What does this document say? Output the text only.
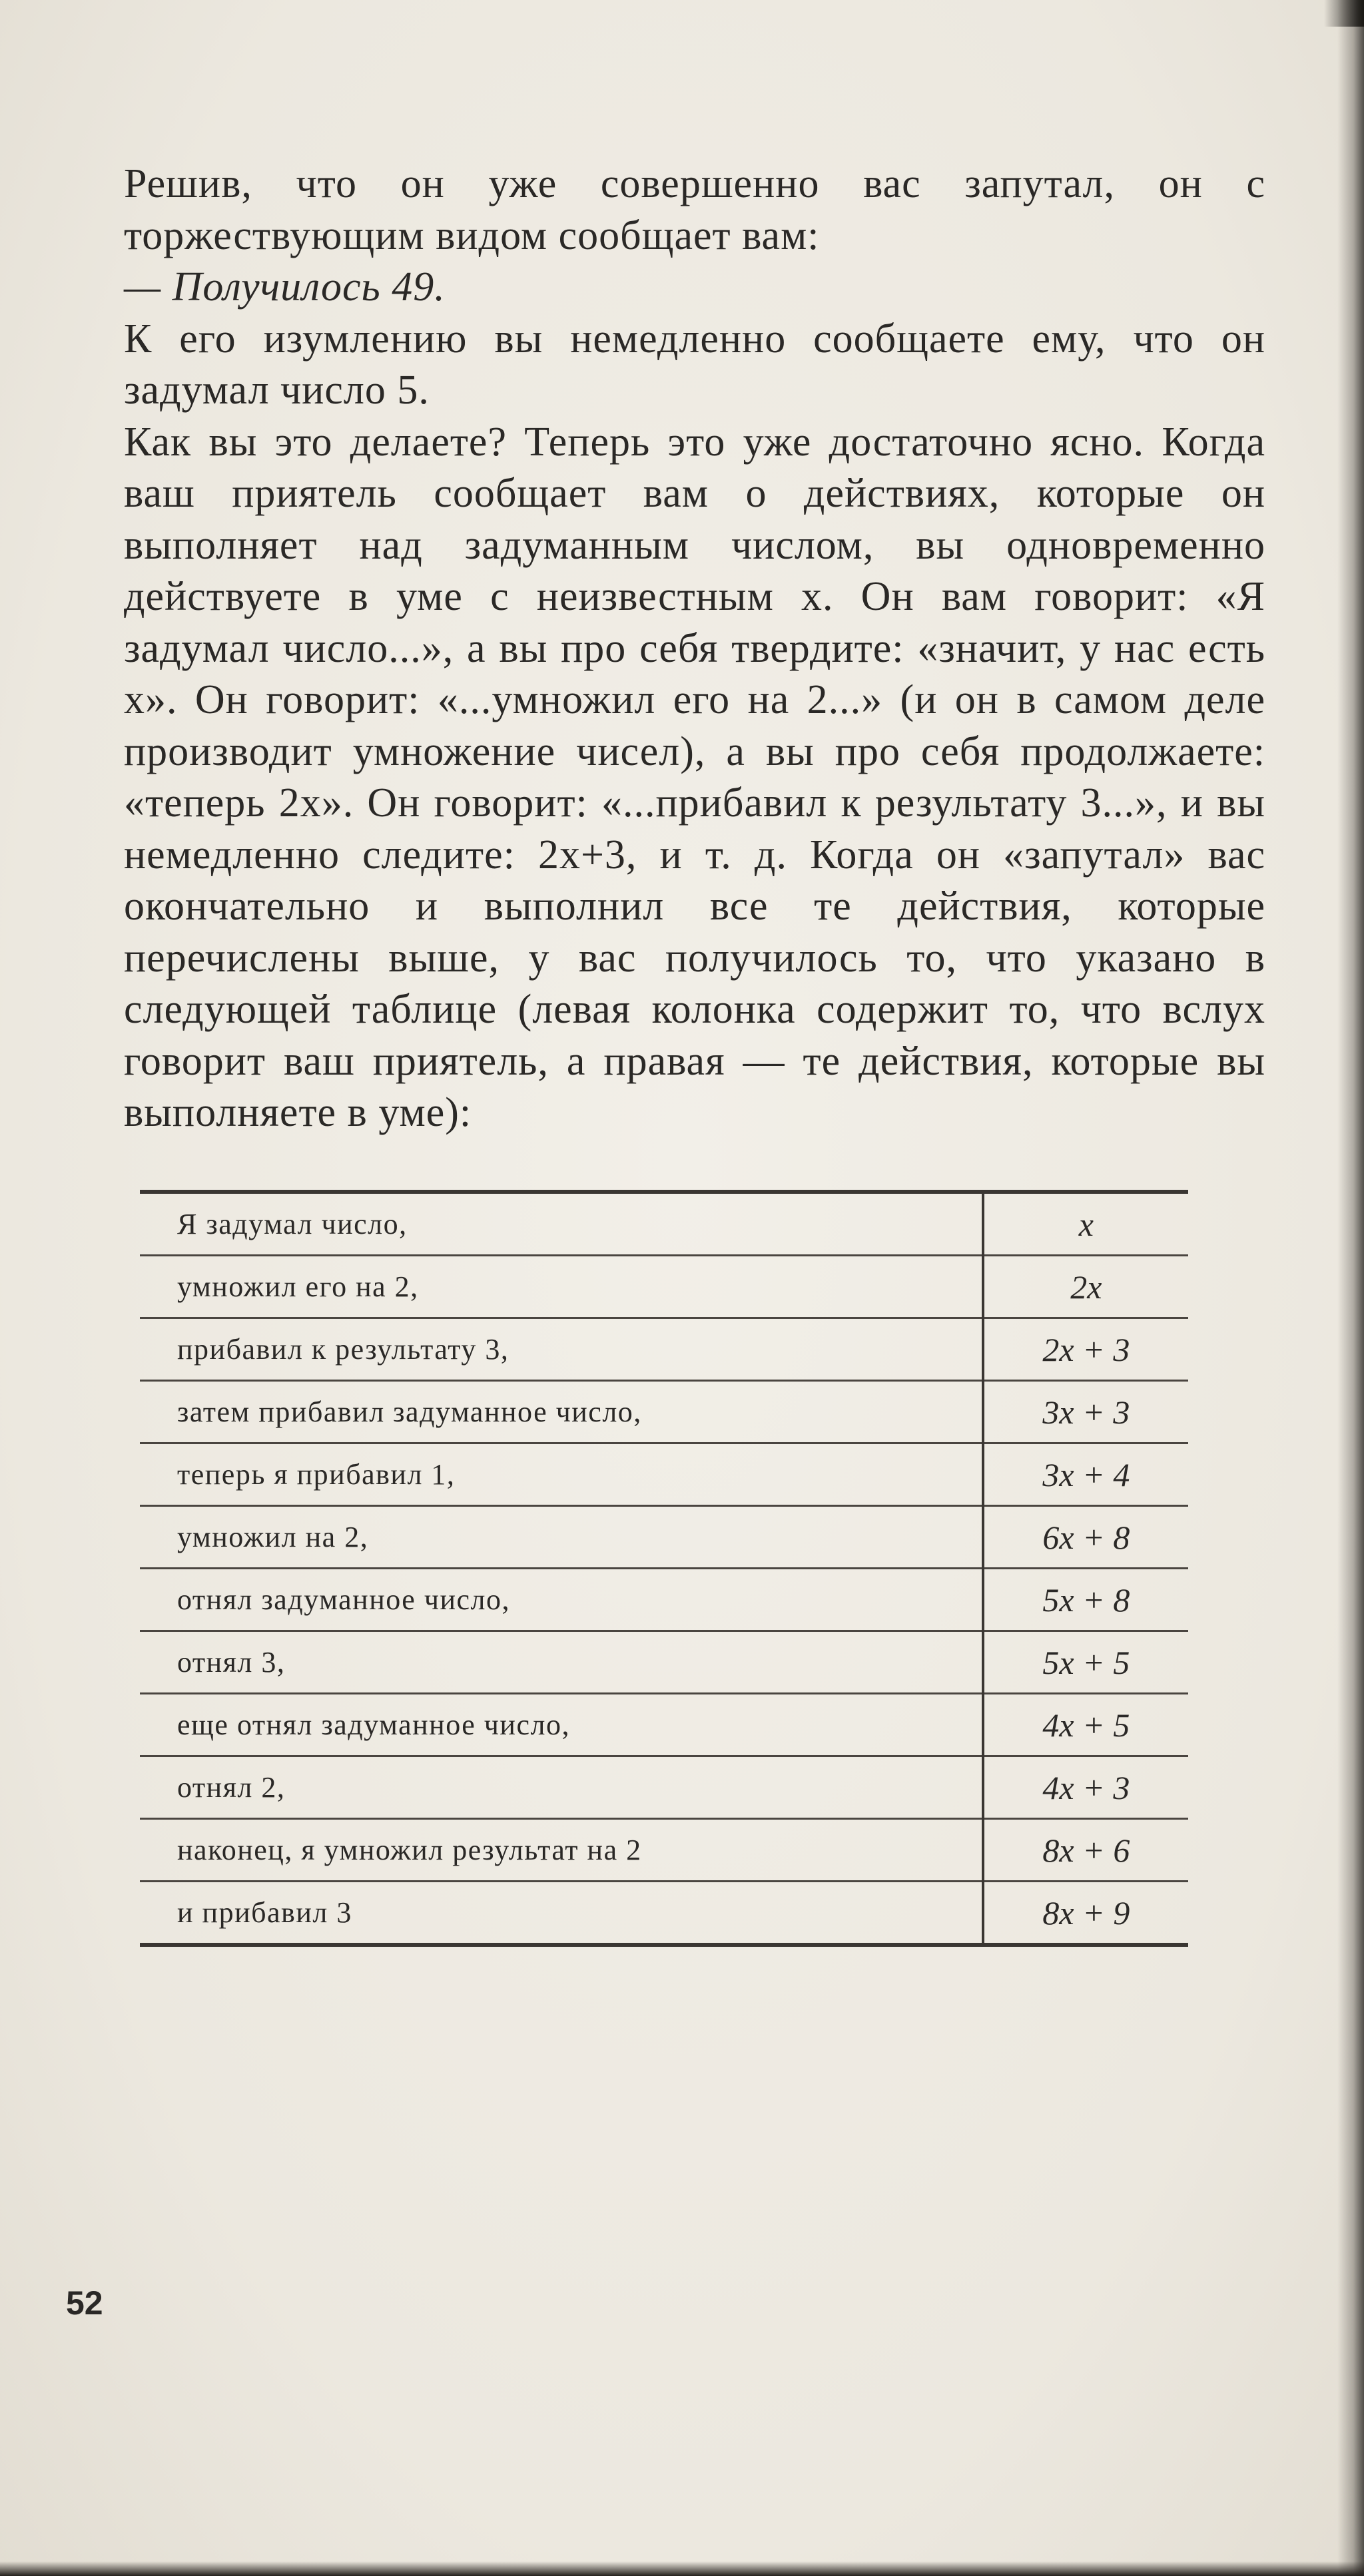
Решив, что он уже совершенно вас запутал, он с торжествующим видом сообщает вам:

— Получилось 49.

К его изумлению вы немедленно сообщаете ему, что он задумал число 5.

Как вы это делаете? Теперь это уже достаточно ясно. Когда ваш приятель сообщает вам о действиях, которые он выполняет над задуманным числом, вы одновременно действуете в уме с неизвестным x. Он вам говорит: «Я задумал число...», а вы про себя твердите: «значит, у нас есть x». Он говорит: «...умножил его на 2...» (и он в самом деле производит умножение чисел), а вы про себя продолжаете: «теперь 2x». Он говорит: «...прибавил к результату 3...», и вы немедленно следите: 2x+3, и т. д. Когда он «запутал» вас окончательно и выполнил все те действия, которые перечислены выше, у вас получилось то, что указано в следующей таблице (левая колонка содержит то, что вслух говорит ваш приятель, а правая — те действия, которые вы выполняете в уме):

Я задумал число,	x
умножил его на 2,	2x
прибавил к результату 3,	2x + 3
затем прибавил задуманное число,	3x + 3
теперь я прибавил 1,	3x + 4
умножил на 2,	6x + 8
отнял задуманное число,	5x + 8
отнял 3,	5x + 5
еще отнял задуманное число,	4x + 5
отнял 2,	4x + 3
наконец, я умножил результат на 2	8x + 6
и прибавил 3	8x + 9
52
